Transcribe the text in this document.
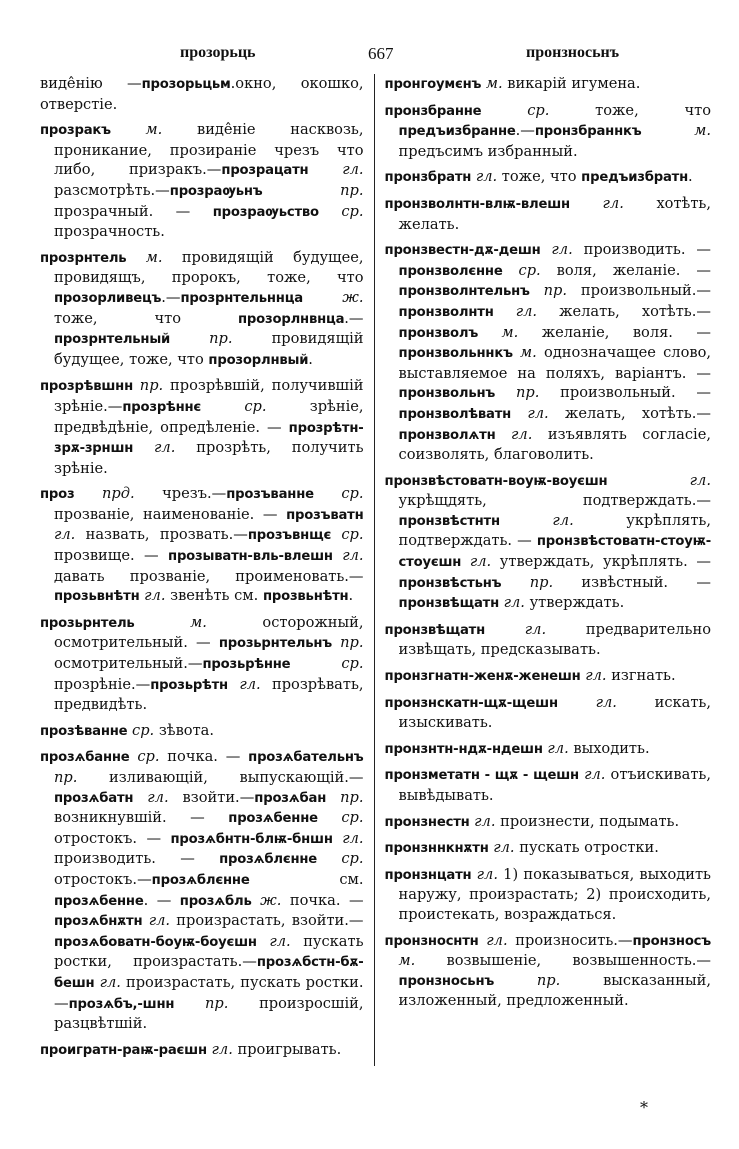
прозорьць	667	пронзносьнъ

виде̂нію —прозорьцьм.окно, окошко, отверстіе.

прозракъ м. виде̂ніе насквозь, проникание, прозираніе чрезъ что либо, призракъ.—прозрацатн гл. разсмотрѣть.—прозраѹьнъ пр. прозрачный. — прозраѹьство ср. прозрачность.

прозрнтель м. провидящій будущее, провидящъ, пророкъ, тоже, что прозорливецъ.—прозрнтельннца ж. тоже, что прозорлнвнца.—прозрнтельный пр. провидящій будущее, тоже, что прозорлнвый.

прозрѣвшнн пр. прозрѣвшій, получившій зрѣніе.—прозрѣннє ср. зрѣніе, предвѣдѣніе, опредѣленіе. — прозрѣтн-зрѫ-зрншн гл. прозрѣть, получить зрѣніе.

проз прд. чрезъ.—прозъванне ср. прозваніе, наименованіе. — прозъватн гл. назвать, прозвать.—прозъвнщє ср. прозвище. — прозыватн-вль-влешн гл. давать прозваніе, проименовать.—прозьвнѣтн гл. звенѣть см. прозвьнѣтн.

прозьрнтель м. осторожный, осмотрительный. — прозьрнтельнъ пр. осмотрительный.—прозьрѣнне ср. прозрѣніе.—прозьрѣтн гл. прозрѣвать, предвидѣть.

прозѣванне ср. зѣвота.

прозѧбанне ср. почка. — прозѧбательнъ пр. изливающій, выпускающій.—прозѧбатн гл. взойти.—прозѧбан пр. возникнувшій. — прозѧбенне ср. отростокъ. — прозѧбнтн-блѭ-бншн гл. производить. — прозѧблєнне ср. отростокъ.—прозѧблєнне см. прозѧбенне. — прозѧбль ж. почка. — прозѧбнѫтн гл. произрастать, взойти.—прозѧбоватн-боуѭ-боуєшн гл. пускать ростки, произрастать.—прозѧбстн-бѫ-бешн гл. произрастать, пускать ростки. —прозѧбъ,-шнн пр. произросшій, разцвѣтшій.

проигратн-раѭ-раєшн гл. проигрывать.

пронгоумєнъ м. викарій игумена.

пронзбранне ср. тоже, что предъизбранне.—пронзбраннкъ м. предъсимъ избранный.

пронзбратн гл. тоже, что предъизбратн.

пронзволнтн-влѭ-влешн гл. хотѣть, желать.

пронзвестн-дѫ-дешн гл. производить. —пронзволєнне ср. воля, желаніе. —пронзволнтельнъ пр. произвольный.—пронзволнтн гл. желать, хотѣть.—пронзволъ м. желаніе, воля. —пронзвольннкъ м. однозначащее слово, выставляемое на поляхъ, варіантъ. — пронзвольнъ пр. произвольный. — пронзволѣватн гл. желать, хотѣть.—пронзволѧтн гл. изъявлять согласіе, соизволять, благоволить.

пронзвѣстоватн-воуѭ-воуєшн гл. укрѣщдять, подтверждать.—пронзвѣстнтн гл. укрѣплять, подтверждать. — пронзвѣстоватн-стоуѭ-стоуєшн гл. утверждать, укрѣплять. — пронзвѣстьнъ пр. извѣстный. — пронзвѣщатн гл. утверждать.

пронзвѣщатн гл. предварительно извѣщать, предсказывать.

пронзгнатн-женѫ-женешн гл. изгнать.

пронзнскатн-щѫ-щешн гл. искать, изыскивать.

пронзнтн-ндѫ-ндешн гл. выходить.

пронзметатн - щѫ - щешн гл. отъискивать, вывѣдывать.

пронзнестн гл. произнести, подымать.

пронзннкнѫтн гл. пускать отростки.

пронзнцатн гл. 1) показываться, выходить наружу, произрастать; 2) происходить, проистекать, возраждаться.

пронзноснтн гл. произносить.—пронзносъ м. возвышеніе, возвышенность.—пронзносьнъ пр. высказанный, изложенный, предложенный.

*
